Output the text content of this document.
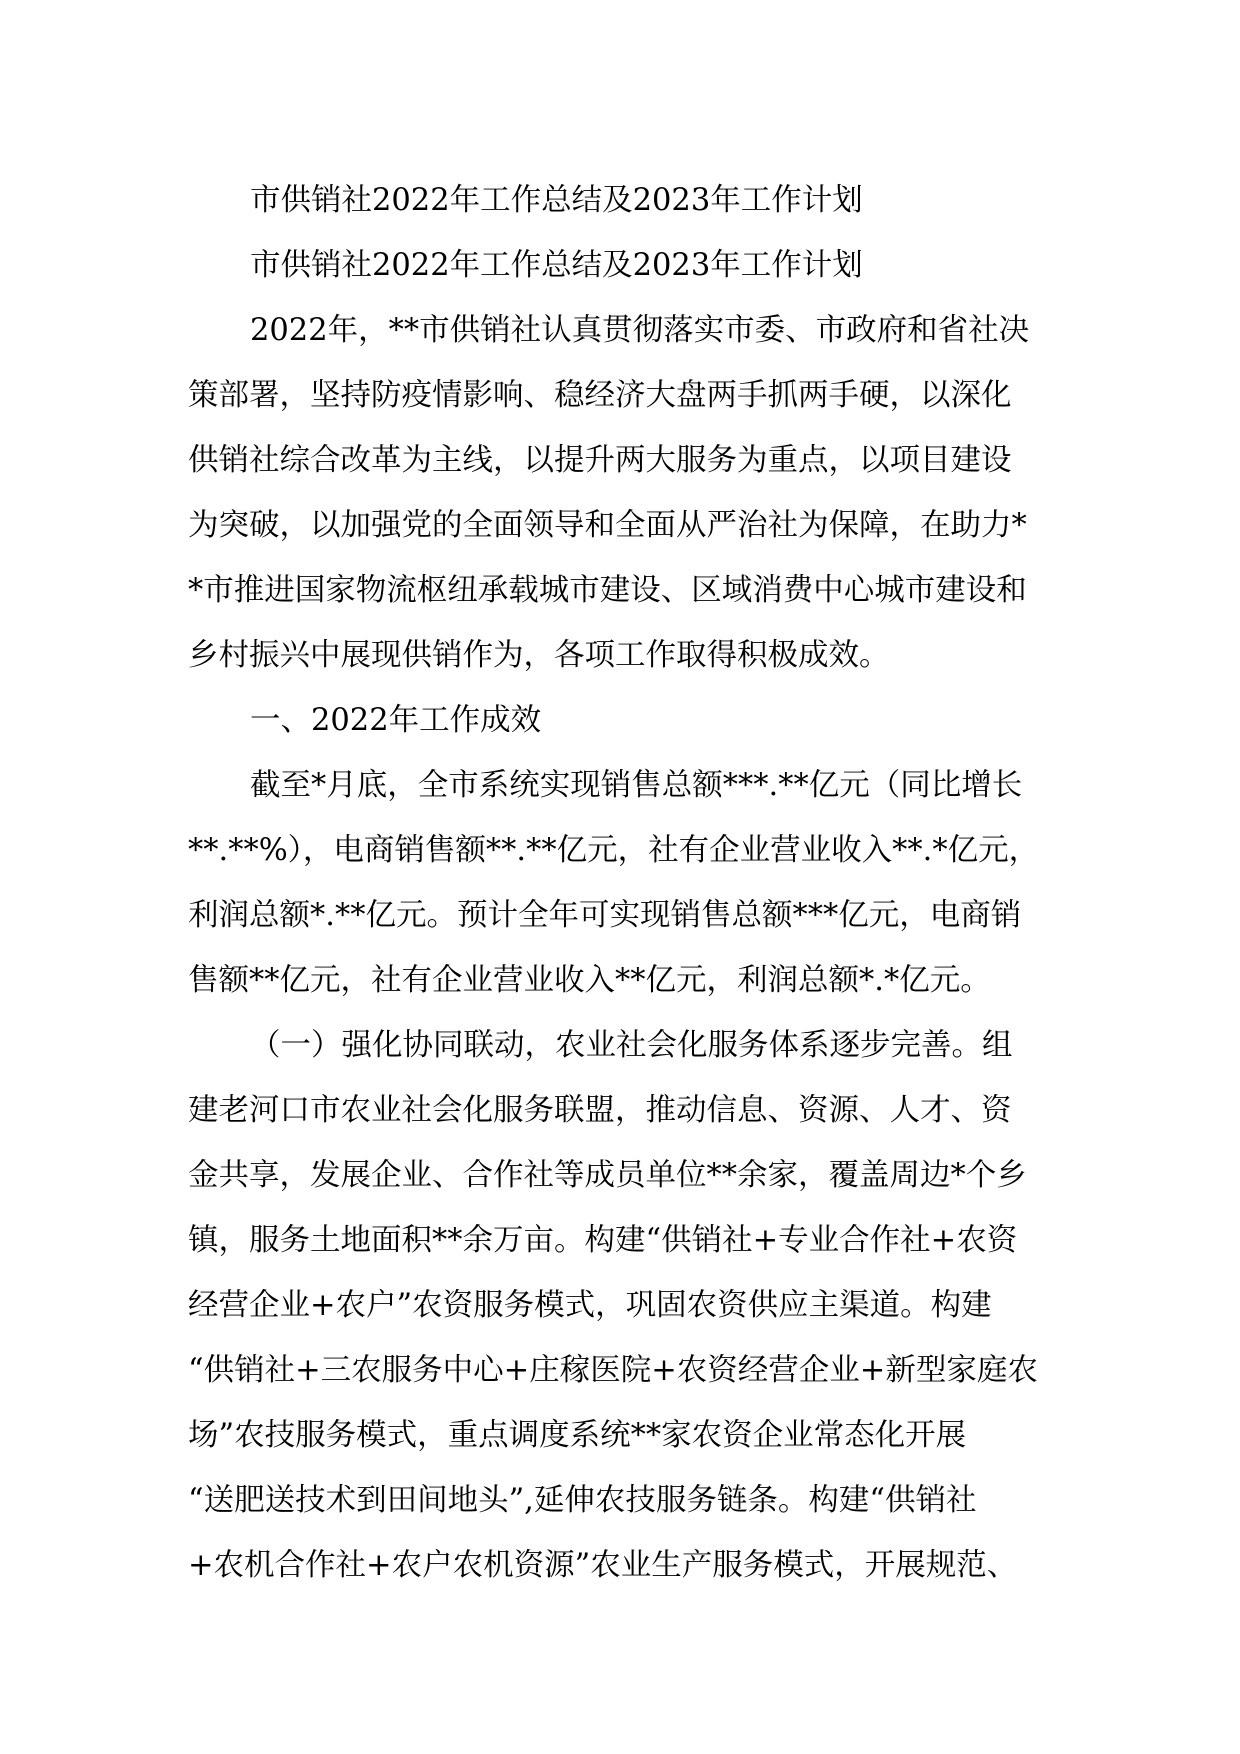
市供销社2022年工作总结及2023年工作计划
市供销社2022年工作总结及2023年工作计划
2022年，**市供销社认真贯彻落实市委、市政府和省社决
策部署，坚持防疫情影响、稳经济大盘两手抓两手硬，以深化
供销社综合改革为主线，以提升两大服务为重点，以项目建设
为突破，以加强党的全面领导和全面从严治社为保障，在助力*
*市推进国家物流枢纽承载城市建设、区域消费中心城市建设和
乡村振兴中展现供销作为，各项工作取得积极成效。
一、2022年工作成效
截至*月底，全市系统实现销售总额***.**亿元（同比增长
**.**%），电商销售额**.**亿元，社有企业营业收入**.*亿元，
利润总额*.**亿元。预计全年可实现销售总额***亿元，电商销
售额**亿元，社有企业营业收入**亿元，利润总额*.*亿元。
（一）强化协同联动，农业社会化服务体系逐步完善。组
建老河口市农业社会化服务联盟，推动信息、资源、人才、资
金共享，发展企业、合作社等成员单位**余家，覆盖周边*个乡
镇，服务土地面积**余万亩。构建“供销社+专业合作社+农资
经营企业+农户”农资服务模式，巩固农资供应主渠道。构建
“供销社+三农服务中心+庄稼医院+农资经营企业+新型家庭农
场”农技服务模式，重点调度系统**家农资企业常态化开展
“送肥送技术到田间地头”,延伸农技服务链条。构建“供销社
+农机合作社+农户农机资源”农业生产服务模式，开展规范、
